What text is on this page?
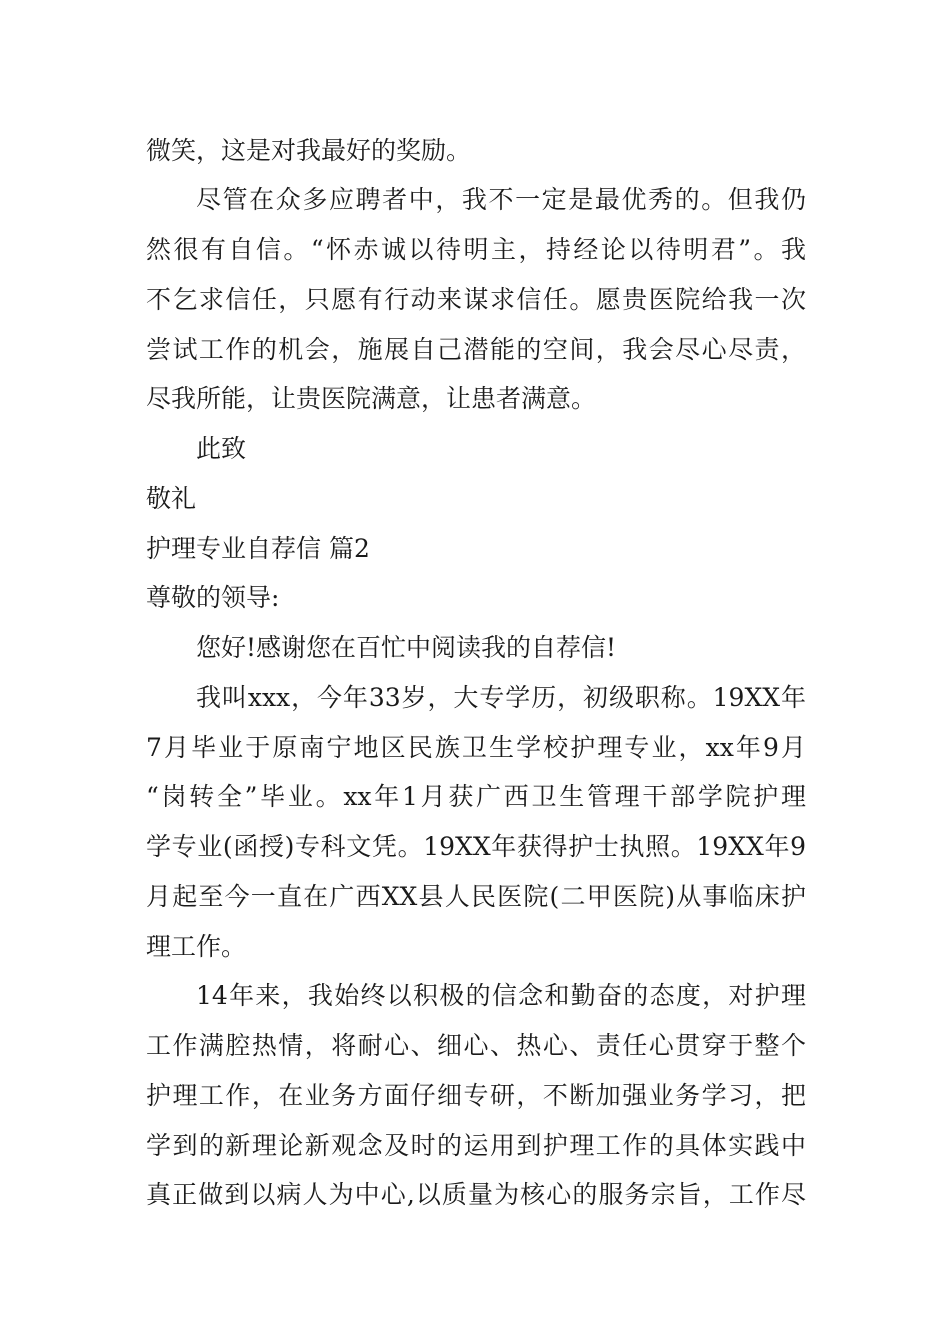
微笑，这是对我最好的奖励。

尽管在众多应聘者中，我不一定是最优秀的。但我仍

然很有自信。“怀赤诚以待明主，持经论以待明君”。我

不乞求信任，只愿有行动来谋求信任。愿贵医院给我一次

尝试工作的机会，施展自己潜能的空间，我会尽心尽责，

尽我所能，让贵医院满意，让患者满意。

此致

敬礼

护理专业自荐信 篇2

尊敬的领导:

您好!感谢您在百忙中阅读我的自荐信!

我叫xxx，今年33岁，大专学历，初级职称。19XX年

7月毕业于原南宁地区民族卫生学校护理专业，xx年9月

“岗转全”毕业。xx年1月获广西卫生管理干部学院护理

学专业(函授)专科文凭。19XX年获得护士执照。19XX年9

月起至今一直在广西XX县人民医院(二甲医院)从事临床护

理工作。

14年来，我始终以积极的信念和勤奋的态度，对护理

工作满腔热情，将耐心、细心、热心、责任心贯穿于整个

护理工作，在业务方面仔细专研，不断加强业务学习，把

学到的新理论新观念及时的运用到护理工作的具体实践中

真正做到以病人为中心,以质量为核心的服务宗旨，工作尽
